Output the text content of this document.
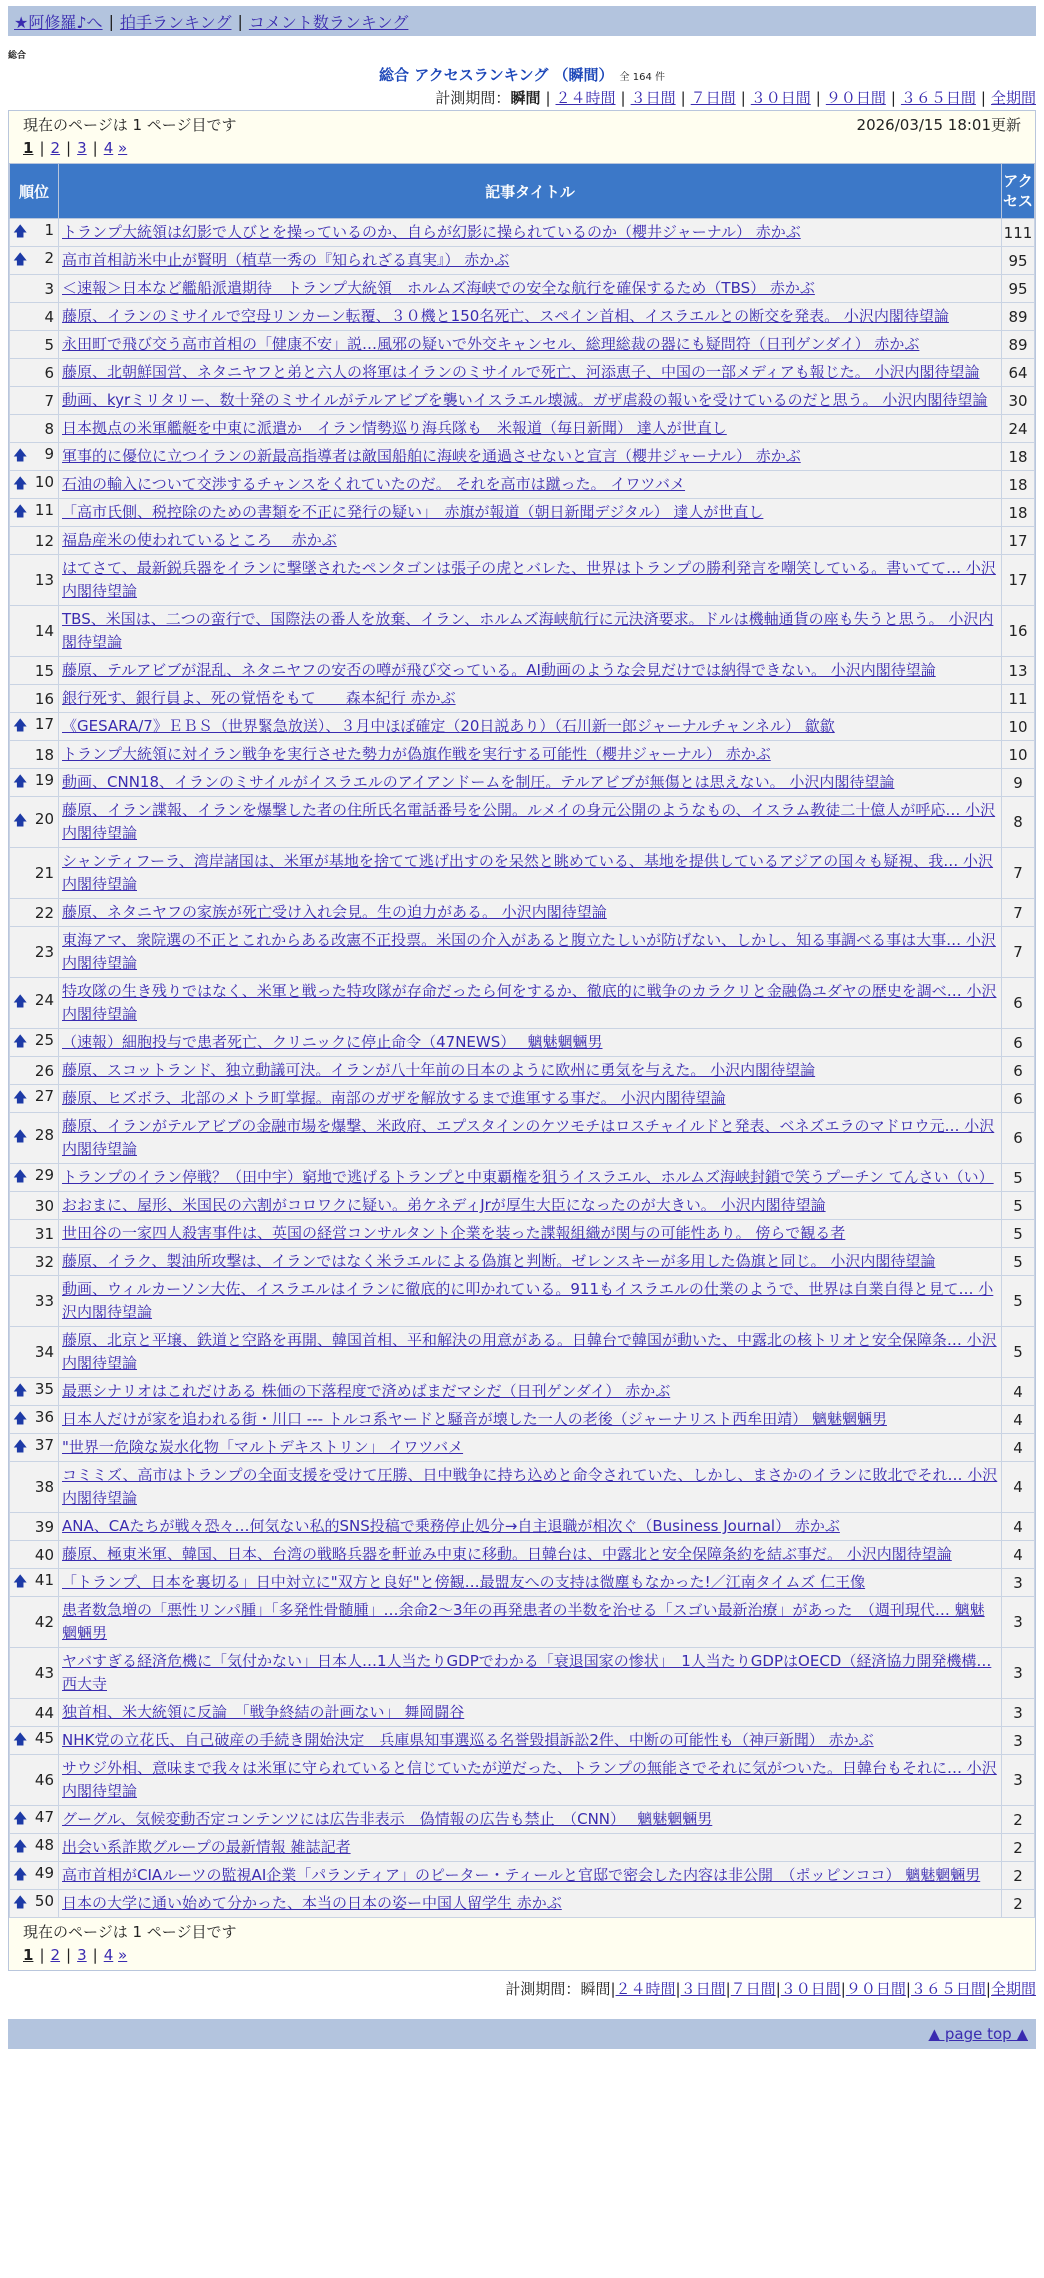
★阿修羅♪へ | 拍手ランキング | コメント数ランキング
総合
総合 アクセスランキング （瞬間） 全 164 件
計測期間：瞬間 | ２４時間 | ３日間 | ７日間 | ３０日間 | ９０日間 | ３６５日間 | 全期間
現在のページは 1 ページ目です	2026/03/15 18:01更新
1 | 2 | 3 | 4 »
順位	記事タイトル	アクセス

🡅 1	トランプ大統領は幻影で人びとを操っているのか、自らが幻影に操られているのか（櫻井ジャーナル） 赤かぶ	111

🡅 2	高市首相訪米中止が賢明（植草一秀の『知られざる真実』） 赤かぶ	95
3	＜速報＞日本など艦船派遣期待　トランプ大統領　ホルムズ海峡での安全な航行を確保するため（TBS） 赤かぶ	95
4	藤原、イランのミサイルで空母リンカーン転覆、３０機と150名死亡、スペイン首相、イスラエルとの断交を発表。 小沢内閣待望論	89
5	永田町で飛び交う高市首相の「健康不安」説…風邪の疑いで外交キャンセル、総理総裁の器にも疑問符（日刊ゲンダイ） 赤かぶ	89
6	藤原、北朝鮮国営、ネタニヤフと弟と六人の将軍はイランのミサイルで死亡、河添恵子、中国の一部メディアも報じた。 小沢内閣待望論	64
7	動画、kyrミリタリー、数十発のミサイルがテルアビブを襲いイスラエル壊滅。ガザ虐殺の報いを受けているのだと思う。 小沢内閣待望論	30
8	日本拠点の米軍艦艇を中東に派遣か　イラン情勢巡り海兵隊も　米報道（毎日新聞） 達人が世直し	24

🡅 9	軍事的に優位に立つイランの新最高指導者は敵国船舶に海峡を通過させないと宣言（櫻井ジャーナル） 赤かぶ	18

🡅 10	石油の輸入について交渉するチャンスをくれていたのだ。 それを高市は蹴った。 イワツバメ	18

🡅 11	「高市氏側、税控除のための書類を不正に発行の疑い」　赤旗が報道（朝日新聞デジタル） 達人が世直し	18
12	福島産米の使われているところ　 赤かぶ	17
13	はてさて、最新鋭兵器をイランに撃墜されたペンタゴンは張子の虎とバレた、世界はトランプの勝利発言を嘲笑している。書いてて… 小沢内閣待望論	17
14	TBS、米国は、二つの蛮行で、国際法の番人を放棄、イラン、ホルムズ海峡航行に元決済要求。ドルは機軸通貨の座も失うと思う。 小沢内閣待望論	16
15	藤原、テルアビブが混乱、ネタニヤフの安否の噂が飛び交っている。AI動画のような会見だけでは納得できない。 小沢内閣待望論	13
16	銀行死す、銀行員よ、死の覚悟をもて　　森本紀行 赤かぶ	11

🡅 17	《GESARA/7》ＥＢＳ（世界緊急放送）、３月中ほぼ確定（20日説あり）（石川新一郎ジャーナルチャンネル） 歙歙	10
18	トランプ大統領に対イラン戦争を実行させた勢力が偽旗作戦を実行する可能性（櫻井ジャーナル） 赤かぶ	10

🡅 19	動画、CNN18、イランのミサイルがイスラエルのアイアンドームを制圧。テルアビブが無傷とは思えない。 小沢内閣待望論	9

🡅 20	藤原、イラン諜報、イランを爆撃した者の住所氏名電話番号を公開。ルメイの身元公開のようなもの、イスラム教徒二十億人が呼応… 小沢内閣待望論	8
21	シャンティフーラ、湾岸諸国は、米軍が基地を捨てて逃げ出すのを呆然と眺めている、基地を提供しているアジアの国々も疑視、我… 小沢内閣待望論	7
22	藤原、ネタニヤフの家族が死亡受け入れ会見。生の迫力がある。 小沢内閣待望論	7
23	東海アマ、衆院選の不正とこれからある改憲不正投票。米国の介入があると腹立たしいが防げない、しかし、知る事調べる事は大事… 小沢内閣待望論	7

🡅 24	特攻隊の生き残りではなく、米軍と戦った特攻隊が存命だったら何をするか、徹底的に戦争のカラクリと金融偽ユダヤの歴史を調べ… 小沢内閣待望論	6

🡅 25	（速報）細胞投与で患者死亡、クリニックに停止命令（47NEWS）　 魑魅魍魎男	6
26	藤原、スコットランド、独立動議可決。イランが八十年前の日本のように欧州に勇気を与えた。 小沢内閣待望論	6

🡅 27	藤原、ヒズボラ、北部のメトラ町掌握。南部のガザを解放するまで進軍する事だ。 小沢内閣待望論	6

🡅 28	藤原、イランがテルアビブの金融市場を爆撃、米政府、エプスタインのケツモチはロスチャイルドと発表、ベネズエラのマドロウ元… 小沢内閣待望論	6

🡅 29	トランプのイラン停戦？（田中宇）窮地で逃げるトランプと中東覇権を狙うイスラエル、ホルムズ海峡封鎖で笑うプーチン てんさい（い）	5
30	おおまに、屋形、米国民の六割がコロワクに疑い。弟ケネディJrが厚生大臣になったのが大きい。 小沢内閣待望論	5
31	世田谷の一家四人殺害事件は、英国の経営コンサルタント企業を装った諜報組織が関与の可能性あり。 傍らで観る者	5
32	藤原、イラク、製油所攻撃は、イランではなく米ラエルによる偽旗と判断。ゼレンスキーが多用した偽旗と同じ。 小沢内閣待望論	5
33	動画、ウィルカーソン大佐、イスラエルはイランに徹底的に叩かれている。911もイスラエルの仕業のようで、世界は自業自得と見て… 小沢内閣待望論	5
34	藤原、北京と平壌、鉄道と空路を再開、韓国首相、平和解決の用意がある。日韓台で韓国が動いた、中露北の核トリオと安全保障条… 小沢内閣待望論	5

🡅 35	最悪シナリオはこれだけある 株価の下落程度で済めばまだマシだ（日刊ゲンダイ） 赤かぶ	4

🡅 36	日本人だけが家を追われる街・川口 --- トルコ系ヤードと騒音が壊した一人の老後（ジャーナリスト西牟田靖） 魑魅魍魎男	4

🡅 37	"世界一危険な炭水化物「マルトデキストリン」 イワツバメ	4
38	コミミズ、高市はトランプの全面支援を受けて圧勝、日中戦争に持ち込めと命令されていた、しかし、まさかのイランに敗北でそれ… 小沢内閣待望論	4
39	ANA、CAたちが戦々恐々…何気ない私的SNS投稿で乗務停止処分→自主退職が相次ぐ（Business Journal） 赤かぶ	4
40	藤原、極東米軍、韓国、日本、台湾の戦略兵器を軒並み中東に移動。日韓台は、中露北と安全保障条約を結ぶ事だ。 小沢内閣待望論	4

🡅 41	「トランプ、日本を裏切る」日中対立に"双方と良好"と傍観…最盟友への支持は微塵もなかった!／江南タイムズ 仁王像	3
42	患者数急増の「悪性リンパ腫」「多発性骨髄腫」…余命2～3年の再発患者の半数を治せる「スゴい最新治療」があった　（週刊現代… 魑魅魍魎男	3
43	ヤバすぎる経済危機に「気付かない」日本人…1人当たりGDPでわかる「衰退国家の惨状」　1人当たりGDPはOECD（経済協力開発機構… 西大寺	3
44	独首相、米大統領に反論　「戦争終結の計画ない」 舞岡闘谷	3

🡅 45	NHK党の立花氏、自己破産の手続き開始決定　兵庫県知事選巡る名誉毀損訴訟2件、中断の可能性も（神戸新聞） 赤かぶ	3
46	サウジ外相、意味まで我々は米軍に守られていると信じていたが逆だった、トランプの無能さでそれに気がついた。日韓台もそれに… 小沢内閣待望論	3

🡅 47	グーグル、気候変動否定コンテンツには広告非表示　偽情報の広告も禁止　（CNN）　 魑魅魍魎男	2

🡅 48	出会い系詐欺グループの最新情報 雑誌記者	2

🡅 49	高市首相がCIAルーツの監視AI企業「パランティア」のピーター・ティールと官邸で密会した内容は非公開　（ポッピンココ） 魑魅魍魎男	2

🡅 50	日本の大学に通い始めて分かった、本当の日本の姿ー中国人留学生 赤かぶ	2
現在のページは 1 ページ目です
1 | 2 | 3 | 4 »
計測期間：瞬間|２４時間|３日間|７日間|３０日間|９０日間|３６５日間|全期間
▲ page top ▲
